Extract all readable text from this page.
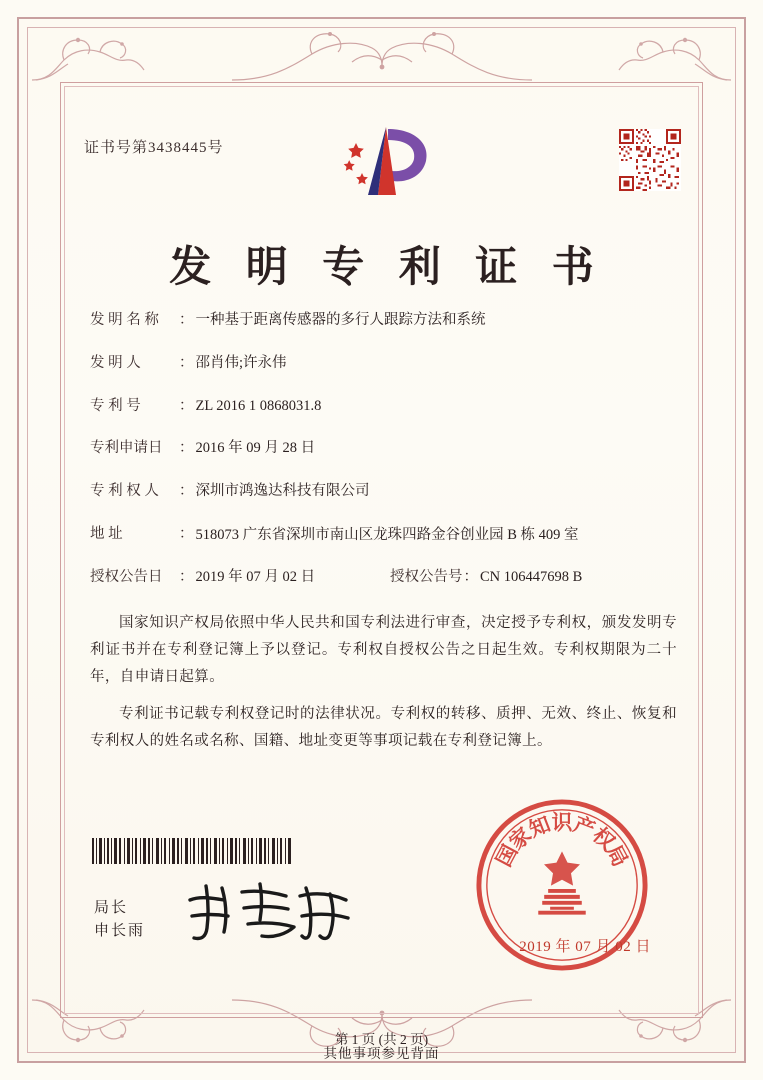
证书号第3438445号
发 明 专 利 证 书
发 明 名 称 ： 一种基于距离传感器的多行人跟踪方法和系统
发 明 人	： 邵肖伟;许永伟
专 利 号	： ZL 2016 1 0868031.8
专利申请日 ： 2016 年 09 月 28 日
专 利 权 人 ： 深圳市鸿逸达科技有限公司
地 址	： 518073 广东省深圳市南山区龙珠四路金谷创业园 B 栋 409 室
授权公告日 ： 2019 年 07 月 02 日	授权公告号： CN 106447698 B
国家知识产权局依照中华人民共和国专利法进行审查，决定授予专利权，颁发发明专利证书并在专利登记簿上予以登记。专利权自授权公告之日起生效。专利权期限为二十年，自申请日起算。
专利证书记载专利权登记时的法律状况。专利权的转移、质押、无效、终止、恢复和专利权人的姓名或名称、国籍、地址变更等事项记载在专利登记簿上。
局长
申长雨
国
家
知
识
产
权
局
2019 年 07 月 02 日
第 1 页 (共 2 页)
其他事项参见背面
